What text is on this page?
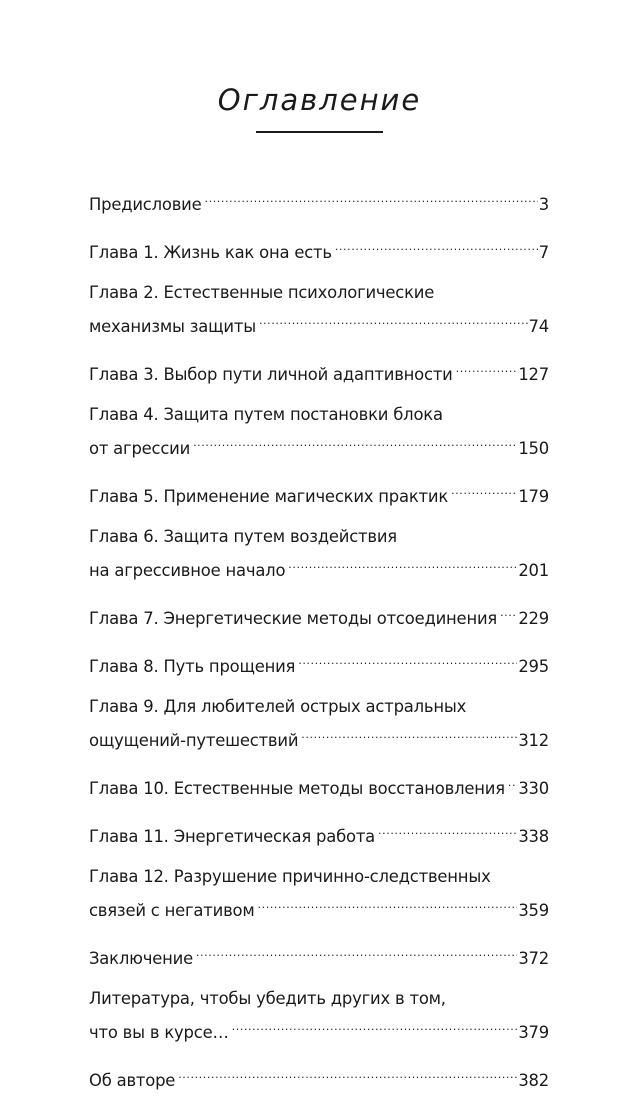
Оглавление
Предисловие .....	3
Глава 1. Жизнь как она есть .....	7
Глава 2. Естественные психологические
механизмы защиты .....	74
Глава 3. Выбор пути личной адаптивности .....	127
Глава 4. Защита путем постановки блока
от агрессии .....	150
Глава 5. Применение магических практик .....	179
Глава 6. Защита путем воздействия
на агрессивное начало .....	201
Глава 7. Энергетические методы отсоединения ..... 229
Глава 8. Путь прощения .....	295
Глава 9. Для любителей острых астральных
ощущений-путешествий .....	312
Глава 10. Естественные методы восстановления ..... 330
Глава 11. Энергетическая работа .....	338
Глава 12. Разрушение причинно-следственных
связей с негативом .....	359
Заключение .....	372
Литература, чтобы убедить других в том,
что вы в курсе… .....	379
Об авторе .....	382
